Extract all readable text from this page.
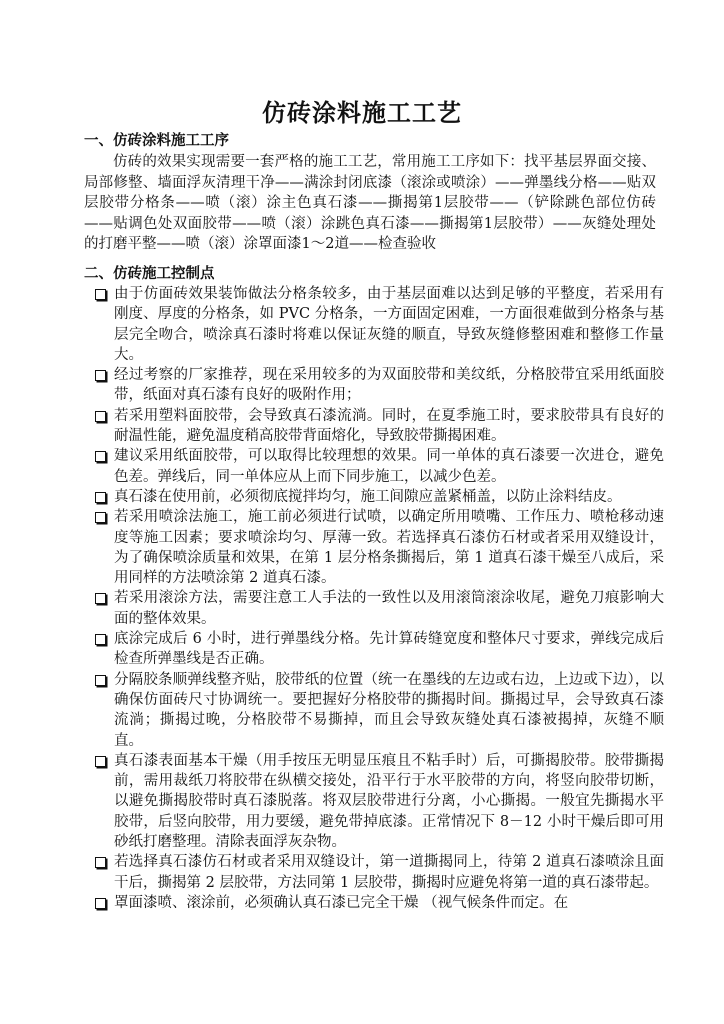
仿砖涂料施工工艺
一、仿砖涂料施工工序
仿砖的效果实现需要一套严格的施工工艺，常用施工工序如下：找平基层界面交接、局部修整、墙面浮灰清理干净——满涂封闭底漆（滚涂或喷涂）——弹墨线分格——贴双层胶带分格条——喷（滚）涂主色真石漆——撕揭第1层胶带——（铲除跳色部位仿砖——贴调色处双面胶带——喷（滚）涂跳色真石漆——撕揭第1层胶带）——灰缝处理处的打磨平整——喷（滚）涂罩面漆1～2道——检查验收
二、仿砖施工控制点
由于仿面砖效果装饰做法分格条较多，由于基层面难以达到足够的平整度，若采用有刚度、厚度的分格条，如 PVC 分格条，一方面固定困难，一方面很难做到分格条与基层完全吻合，喷涂真石漆时将难以保证灰缝的顺直，导致灰缝修整困难和整修工作量大。
经过考察的厂家推荐，现在采用较多的为双面胶带和美纹纸，分格胶带宜采用纸面胶带，纸面对真石漆有良好的吸附作用；
若采用塑料面胶带，会导致真石漆流淌。同时，在夏季施工时，要求胶带具有良好的耐温性能，避免温度稍高胶带背面熔化，导致胶带撕揭困难。
建议采用纸面胶带，可以取得比较理想的效果。同一单体的真石漆要一次进仓，避免色差。弹线后，同一单体应从上而下同步施工，以减少色差。
真石漆在使用前，必须彻底搅拌均匀，施工间隙应盖紧桶盖，以防止涂料结皮。
若采用喷涂法施工，施工前必须进行试喷，以确定所用喷嘴、工作压力、喷枪移动速度等施工因素；要求喷涂均匀、厚薄一致。若选择真石漆仿石材或者采用双缝设计，为了确保喷涂质量和效果，在第 1 层分格条撕揭后，第 1 道真石漆干燥至八成后，采用同样的方法喷涂第 2 道真石漆。
若采用滚涂方法，需要注意工人手法的一致性以及用滚筒滚涂收尾，避免刀痕影响大面的整体效果。
底涂完成后 6 小时，进行弹墨线分格。先计算砖缝宽度和整体尺寸要求，弹线完成后检查所弹墨线是否正确。
分隔胶条顺弹线整齐贴，胶带纸的位置（统一在墨线的左边或右边，上边或下边），以确保仿面砖尺寸协调统一。要把握好分格胶带的撕揭时间。撕揭过早，会导致真石漆流淌；撕揭过晚，分格胶带不易撕掉，而且会导致灰缝处真石漆被揭掉，灰缝不顺直。
真石漆表面基本干燥（用手按压无明显压痕且不粘手时）后，可撕揭胶带。胶带撕揭前，需用裁纸刀将胶带在纵横交接处，沿平行于水平胶带的方向，将竖向胶带切断，以避免撕揭胶带时真石漆脱落。将双层胶带进行分离，小心撕揭。一般宜先撕揭水平胶带，后竖向胶带，用力要缓，避免带掉底漆。正常情况下 8－12 小时干燥后即可用砂纸打磨整理。清除表面浮灰杂物。
若选择真石漆仿石材或者采用双缝设计，第一道撕揭同上，待第 2 道真石漆喷涂且面干后，撕揭第 2 层胶带，方法同第 1 层胶带，撕揭时应避免将第一道的真石漆带起。
罩面漆喷、滚涂前，必须确认真石漆已完全干燥 （视气候条件而定。在
